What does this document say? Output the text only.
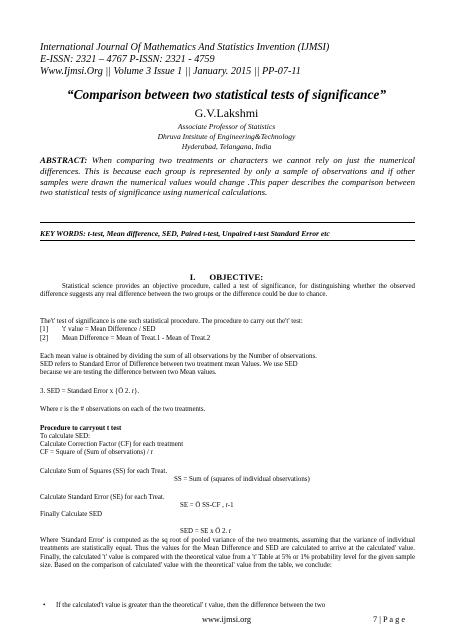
International Journal Of Mathematics And Statistics Invention (IJMSI)
E-ISSN: 2321 – 4767 P-ISSN: 2321 - 4759
Www.Ijmsi.Org || Volume 3 Issue 1 || January. 2015 || PP-07-11
“Comparison between two statistical tests of significance”
G.V.Lakshmi
Associate Professor of Statistics
Dhruva Intsitute of Engineering&Technology
Hyderabad, Telangana, India
ABSTRACT: When comparing two treatments or characters we cannot rely on just the numerical differences. This is because each group is represented by only a sample of observations and if other samples were drawn the numerical values would change .This paper describes the comparison between two statistical tests of significance using numerical calculations.
KEY WORDS: t-test, Mean difference, SED, Paired t-test, Unpaired t-test Standard Error etc
I. OBJECTIVE:
Statistical science provides an objective procedure, called a test of significance, for distinguishing whether the observed difference suggests any real difference between the two groups or the difference could be due to chance.
The't' test of significance is one such statistical procedure. The procedure to carry out the't' test:
[1] 't' value = Mean Difference / SED
[2] Mean Difference = Mean of Treat.1 - Mean of Treat.2
Each mean value is obtained by dividing the sum of all observations by the Number of observations.
SED refers to Standard Error of Difference between two treatment mean Values. We use SED
because we are testing the difference between two Mean values.
3. SED = Standard Error x {Ö 2. r}.
Where r is the # observations on each of the two treatments.
Procedure to carryout t test
To calculate SED:
Calculate Correction Factor (CF) for each treatment
CF = Square of (Sum of observations) / r
Calculate Sum of Squares (SS) for each Treat.
SS = Sum of (squares of individual observations)
Calculate Standard Error (SE) for each Treat.
SE = Ö SS-CF , r-1
Finally Calculate SED
SED = SE x Ö 2. r
Where 'Standard Error' is computed as the sq root of pooled variance of the two treatments, assuming that the variance of individual treatments are statistically equal. Thus the values for the Mean Difference and SED are calculated to arrive at the calculated' value. Finally, the calculated 't' value is compared with the theoretical value from a 't' Table at 5% or 1% probability level for the given sample size. Based on the comparison of calculated' value with the theoretical' value from the table, we conclude:
• If the calculated't value is greater than the theoretical' t value, then the difference between the two
www.ijmsi.org	7 | P a g e
